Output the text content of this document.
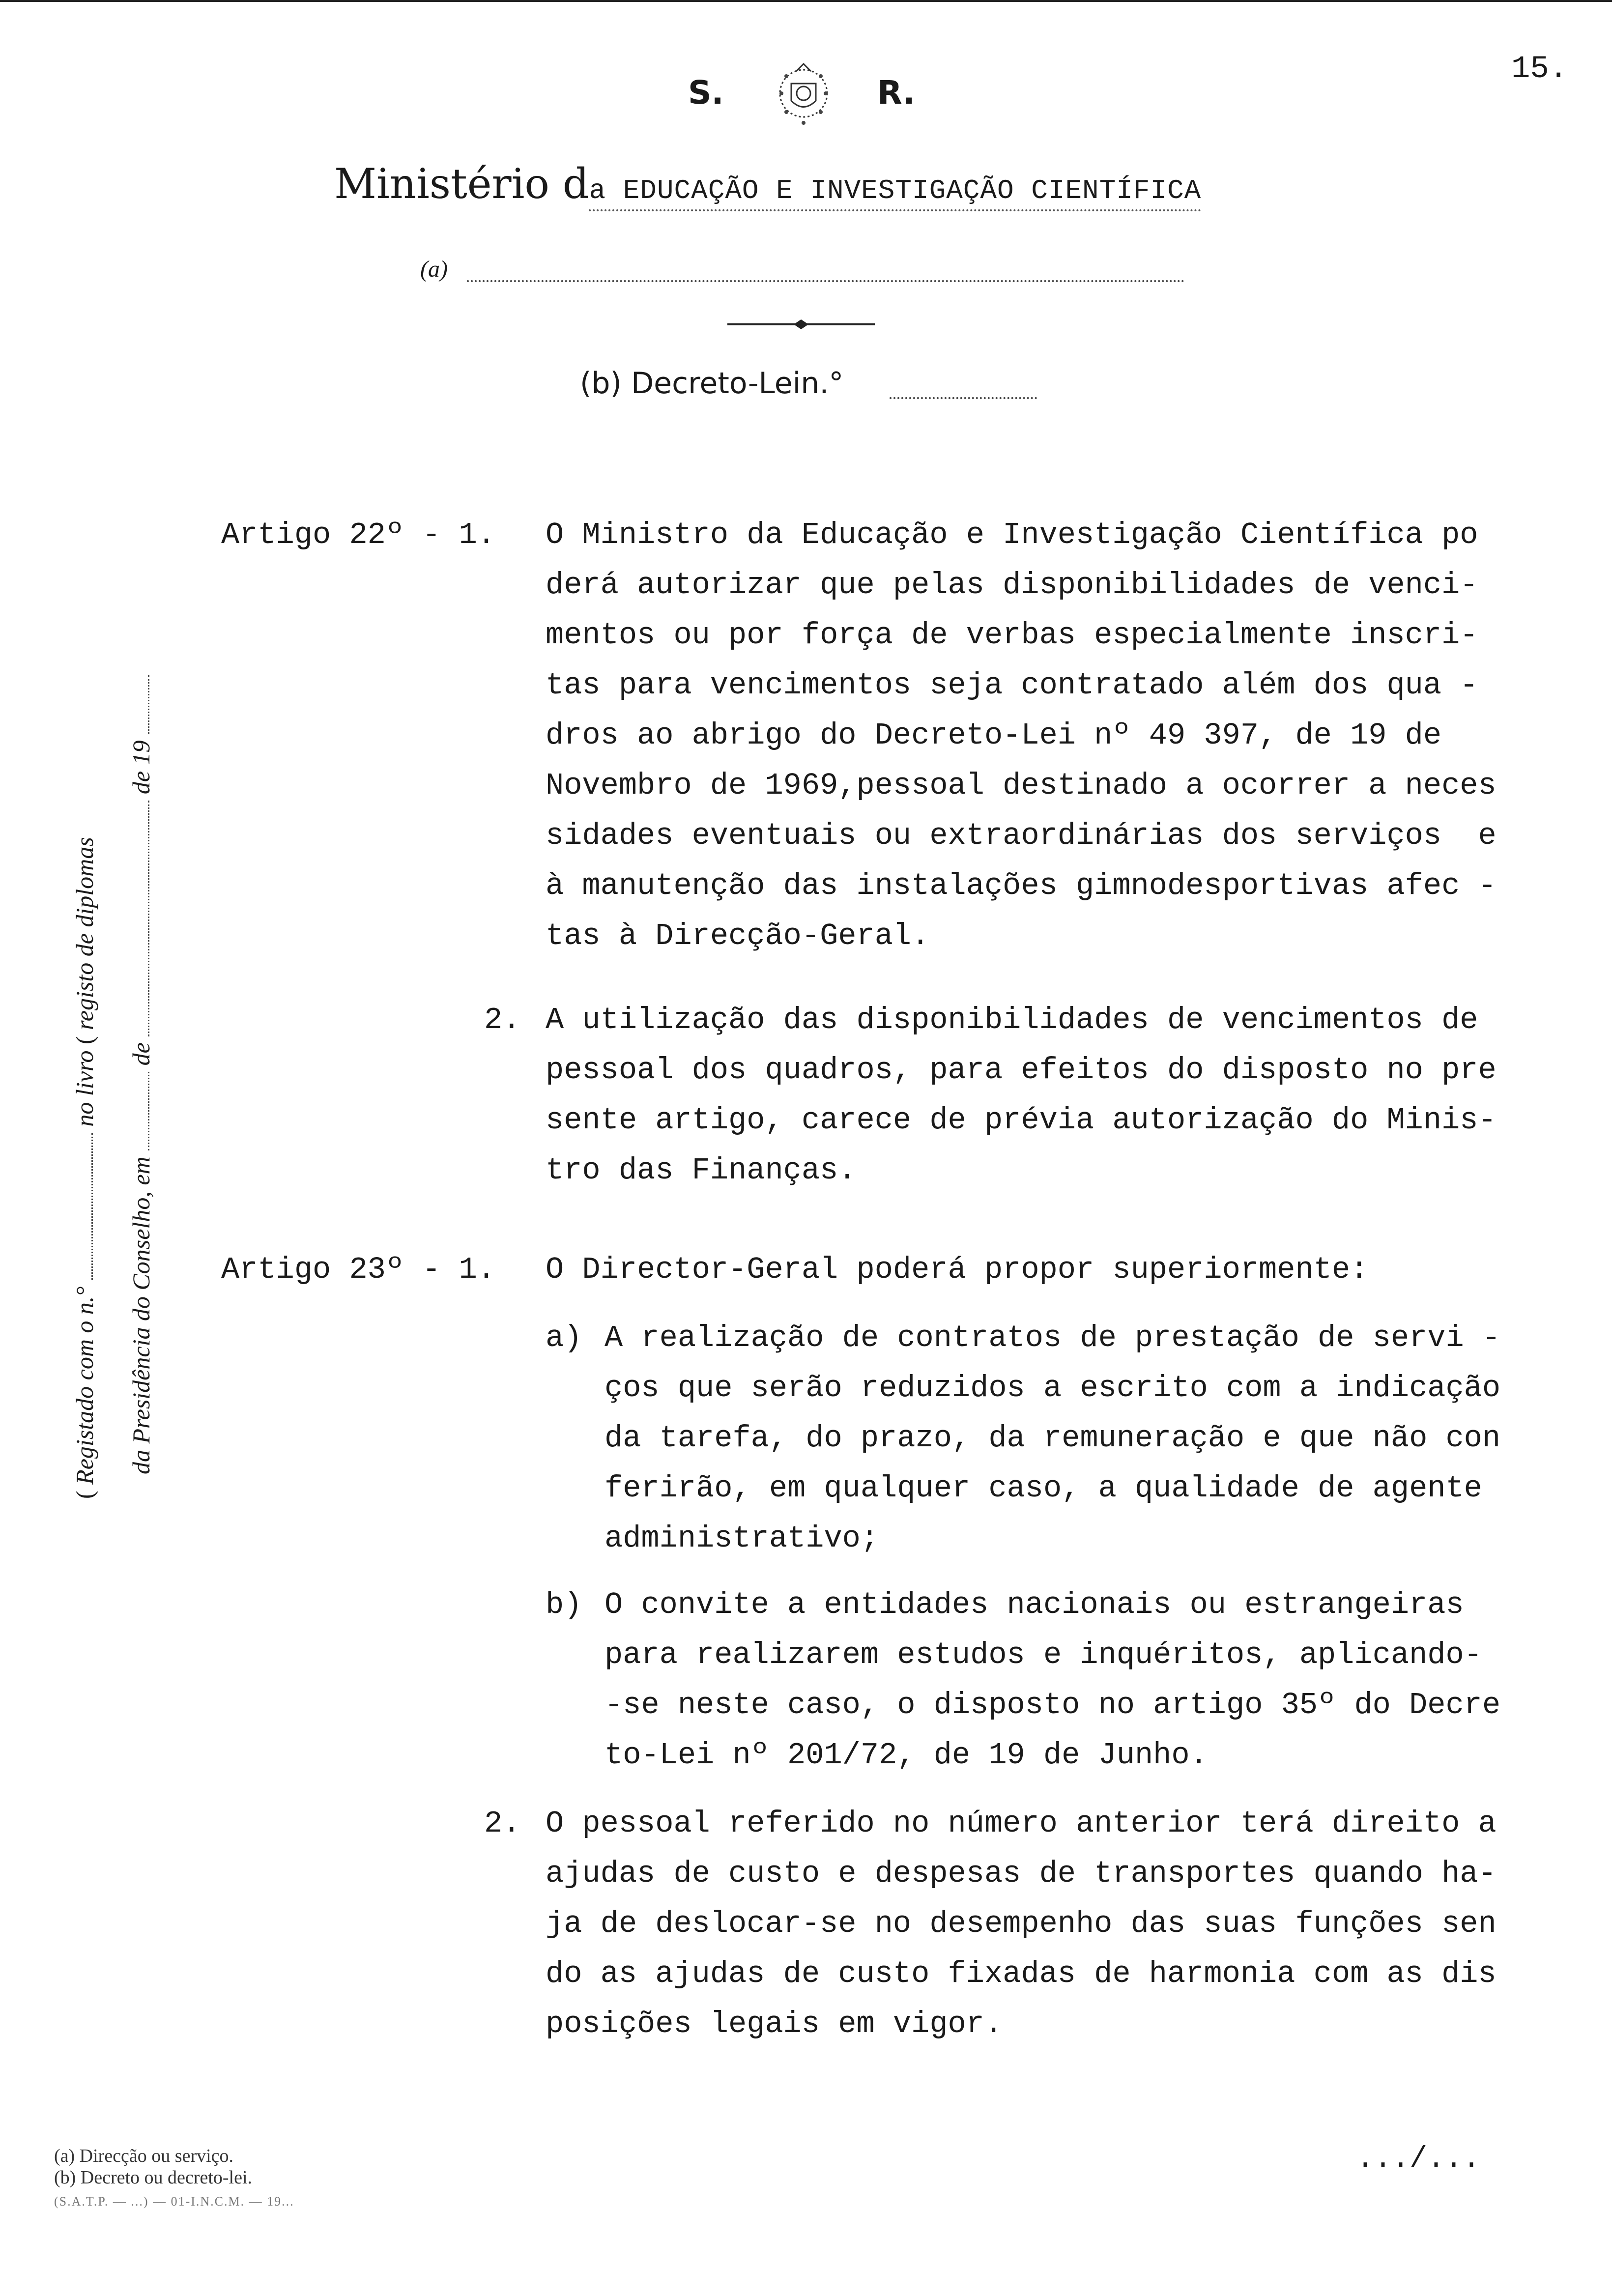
15.
S.	R.
Ministério da EDUCAÇÃO E INVESTIGAÇÃO CIENTÍFICA
(a)
(b) Decreto-Lein.°
( Registado com o n.°  no livro ( registo de diplomas
da Presidência do Conselho, em  de  de 19
Artigo 22º - 1. O Ministro da Educação e Investigação Científica po
derá autorizar que pelas disponibilidades de venci-
mentos ou por força de verbas especialmente inscri-
tas para vencimentos seja contratado além dos qua -
dros ao abrigo do Decreto-Lei nº 49 397, de 19 de
Novembro de 1969,pessoal destinado a ocorrer a neces
sidades eventuais ou extraordinárias dos serviços  e
à manutenção das instalações gimnodesportivas afec -
tas à Direcção-Geral.
2. A utilização das disponibilidades de vencimentos de
pessoal dos quadros, para efeitos do disposto no pre
sente artigo, carece de prévia autorização do Minis-
tro das Finanças.
Artigo 23º - 1. O Director-Geral poderá propor superiormente:
a) A realização de contratos de prestação de servi -
ços que serão reduzidos a escrito com a indicação
da tarefa, do prazo, da remuneração e que não con
ferirão, em qualquer caso, a qualidade de agente
administrativo;
b) O convite a entidades nacionais ou estrangeiras
para realizarem estudos e inquéritos, aplicando-
-se neste caso, o disposto no artigo 35º do Decre
to-Lei nº 201/72, de 19 de Junho.
2. O pessoal referido no número anterior terá direito a
ajudas de custo e despesas de transportes quando ha-
ja de deslocar-se no desempenho das suas funções sen
do as ajudas de custo fixadas de harmonia com as dis
posições legais em vigor.
(a) Direcção ou serviço.
(b) Decreto ou decreto-lei.
.../...
(S.A.T.P. — ...) — 01-I.N.C.M. — 19...
